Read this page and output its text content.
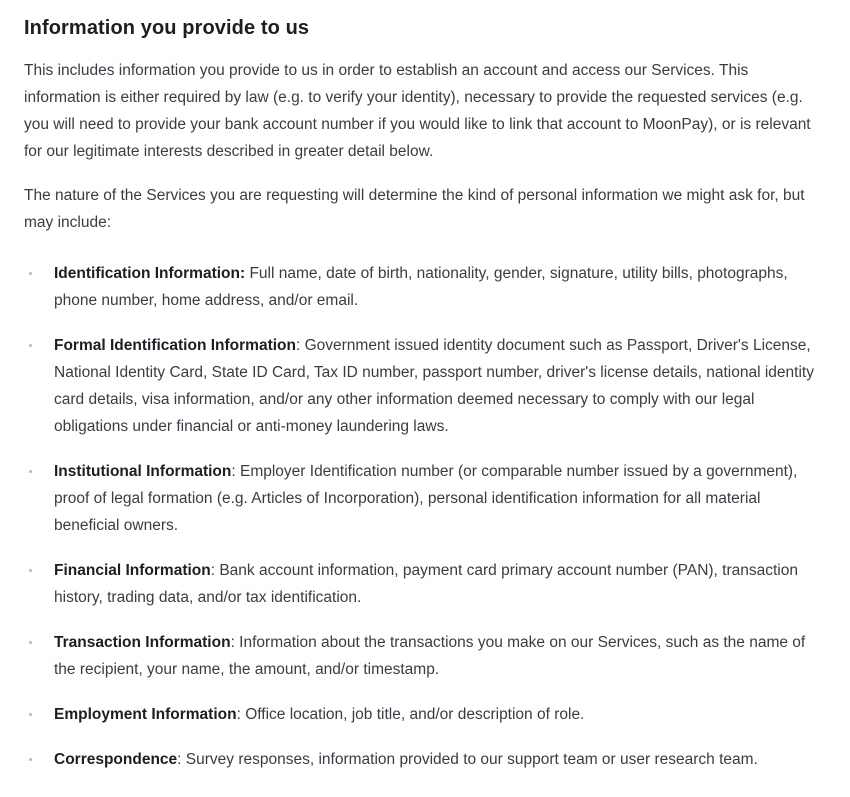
Information you provide to us

This includes information you provide to us in order to establish an account and access our Services. This information is either required by law (e.g. to verify your identity), necessary to provide the requested services (e.g. you will need to provide your bank account number if you would like to link that account to MoonPay), or is relevant for our legitimate interests described in greater detail below.

The nature of the Services you are requesting will determine the kind of personal information we might ask for, but may include:

Identification Information: Full name, date of birth, nationality, gender, signature, utility bills, photographs, phone number, home address, and/or email.
Formal Identification Information: Government issued identity document such as Passport, Driver's License, National Identity Card, State ID Card, Tax ID number, passport number, driver's license details, national identity card details, visa information, and/or any other information deemed necessary to comply with our legal obligations under financial or anti-money laundering laws.
Institutional Information: Employer Identification number (or comparable number issued by a government), proof of legal formation (e.g. Articles of Incorporation), personal identification information for all material beneficial owners.
Financial Information: Bank account information, payment card primary account number (PAN), transaction history, trading data, and/or tax identification.
Transaction Information: Information about the transactions you make on our Services, such as the name of the recipient, your name, the amount, and/or timestamp.
Employment Information: Office location, job title, and/or description of role.
Correspondence: Survey responses, information provided to our support team or user research team.
